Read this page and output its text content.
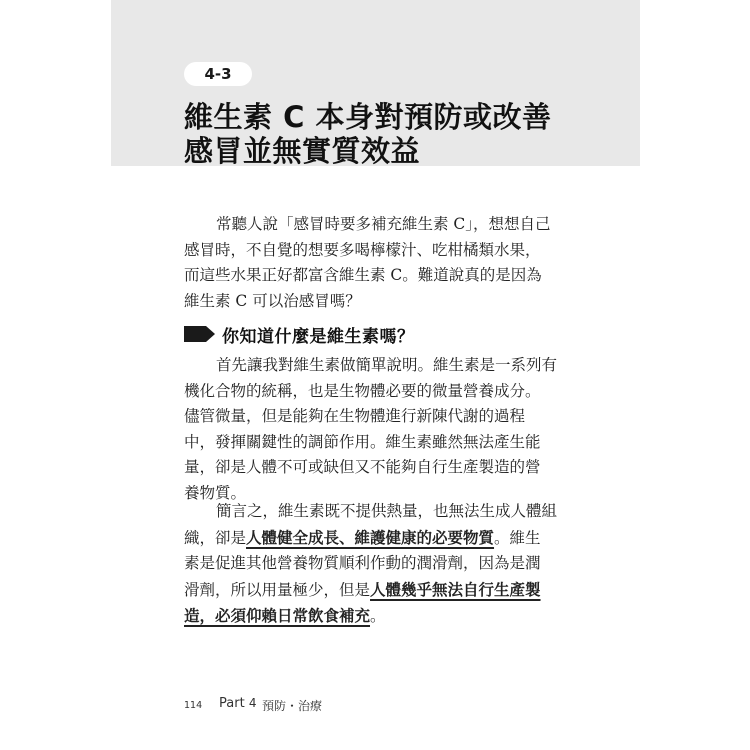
4-3
維生素 C 本身對預防或改善
感冒並無實質效益

常聽人說「感冒時要多補充維生素 C」，想想自己

感冒時，不自覺的想要多喝檸檬汁、吃柑橘類水果，

而這些水果正好都富含維生素 C。難道說真的是因為

維生素 C 可以治感冒嗎？

你知道什麼是維生素嗎？

首先讓我對維生素做簡單說明。維生素是一系列有

機化合物的統稱，也是生物體必要的微量營養成分。

儘管微量，但是能夠在生物體進行新陳代謝的過程

中，發揮關鍵性的調節作用。維生素雖然無法產生能

量，卻是人體不可或缺但又不能夠自行生產製造的營

養物質。

簡言之，維生素既不提供熱量，也無法生成人體組

織，卻是人體健全成長、維護健康的必要物質。維生

素是促進其他營養物質順利作動的潤滑劑，因為是潤

滑劑，所以用量極少，但是人體幾乎無法自行生產製

造，必須仰賴日常飲食補充。

114 Part 4 預防・治療
